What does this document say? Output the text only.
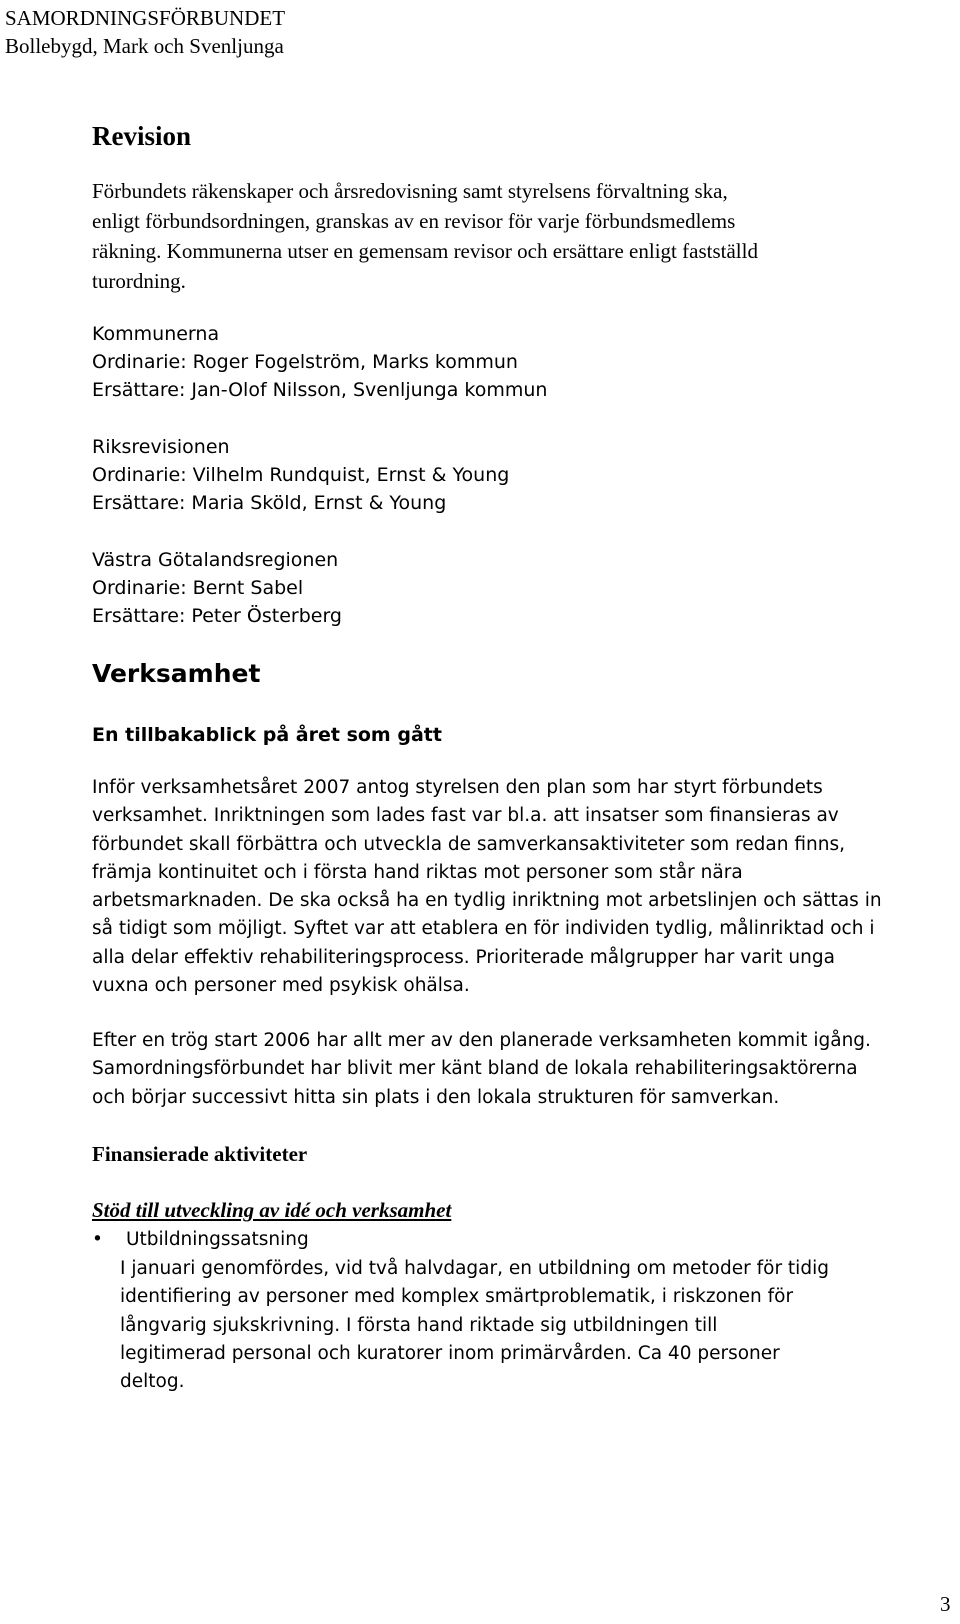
SAMORDNINGSFÖRBUNDET
Bollebygd, Mark och Svenljunga
Revision
Förbundets räkenskaper och årsredovisning samt styrelsens förvaltning ska,
enligt förbundsordningen, granskas av en revisor för varje förbundsmedlems
räkning. Kommunerna utser en gemensam revisor och ersättare enligt fastställd
turordning.
Kommunerna
Ordinarie: Roger Fogelström, Marks kommun
Ersättare: Jan-Olof Nilsson, Svenljunga kommun
Riksrevisionen
Ordinarie: Vilhelm Rundquist, Ernst & Young
Ersättare: Maria Sköld, Ernst & Young
Västra Götalandsregionen
Ordinarie: Bernt Sabel
Ersättare: Peter Österberg
Verksamhet
En tillbakablick på året som gått
Inför verksamhetsåret 2007 antog styrelsen den plan som har styrt förbundets
verksamhet. Inriktningen som lades fast var bl.a. att insatser som finansieras av
förbundet skall förbättra och utveckla de samverkansaktiviteter som redan finns,
främja kontinuitet och i första hand riktas mot personer som står nära
arbetsmarknaden. De ska också ha en tydlig inriktning mot arbetslinjen och sättas in
så tidigt som möjligt. Syftet var att etablera en för individen tydlig, målinriktad och i
alla delar effektiv rehabiliteringsprocess. Prioriterade målgrupper har varit unga
vuxna och personer med psykisk ohälsa.
Efter en trög start 2006 har allt mer av den planerade verksamheten kommit igång.
Samordningsförbundet har blivit mer känt bland de lokala rehabiliteringsaktörerna
och börjar successivt hitta sin plats i den lokala strukturen för samverkan.
Finansierade aktiviteter
Stöd till utveckling av idé och verksamhet
• Utbildningssatsning
I januari genomfördes, vid två halvdagar, en utbildning om metoder för tidig
identifiering av personer med komplex smärtproblematik, i riskzonen för
långvarig sjukskrivning. I första hand riktade sig utbildningen till
legitimerad personal och kuratorer inom primärvården. Ca 40 personer
deltog.
3
